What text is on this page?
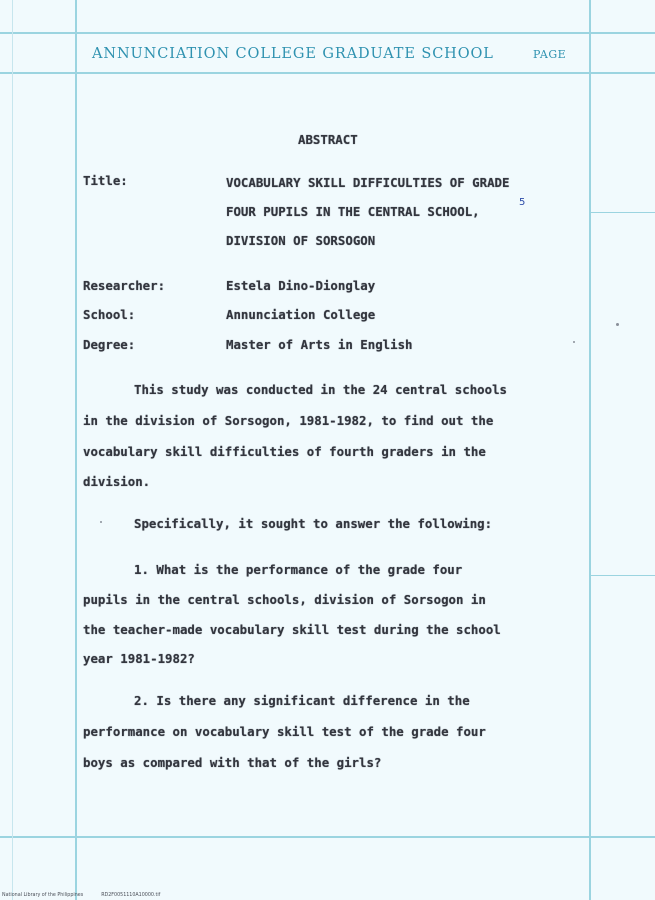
ANNUNCIATION COLLEGE GRADUATE SCHOOL	PAGE
ABSTRACT
Title:	VOCABULARY SKILL DIFFICULTIES OF GRADE
FOUR PUPILS IN THE CENTRAL SCHOOL,
5
DIVISION OF SORSOGON
Researcher:	Estela Dino-Dionglay
School:	Annunciation College
Degree:	Master of Arts in English
This study was conducted in the 24 central schools
in the division of Sorsogon, 1981-1982, to find out the
vocabulary skill difficulties of fourth graders in the
division.
Specifically, it sought to answer the following:
1. What is the performance of the grade four
pupils in the central schools, division of Sorsogon in
the teacher-made vocabulary skill test during the school
year 1981-1982?
2. Is there any significant difference in the
performance on vocabulary skill test of the grade four
boys as compared with that of the girls?
National Library of the Philippines	RD2F0051110A10000.tif
